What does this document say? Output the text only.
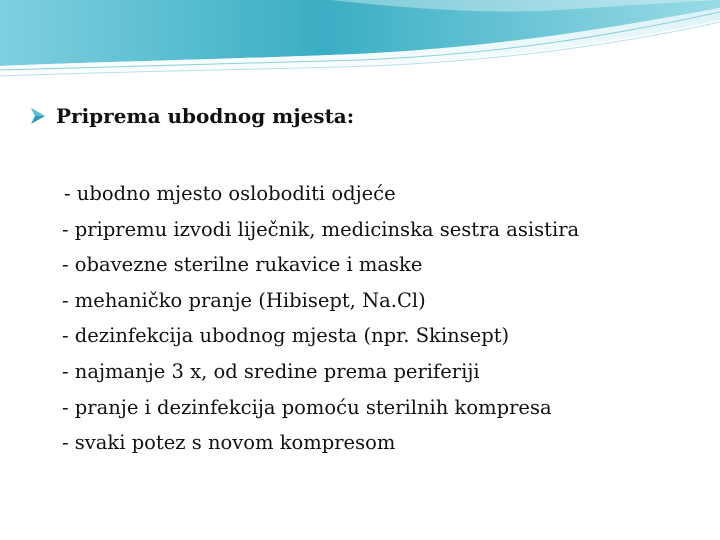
Priprema ubodnog mjesta:
- ubodno mjesto osloboditi odjeće
- pripremu izvodi liječnik, medicinska sestra asistira
- obavezne sterilne rukavice i maske
- mehaničko pranje (Hibisept, Na.Cl)
- dezinfekcija ubodnog mjesta (npr. Skinsept)
- najmanje 3 x, od sredine prema periferiji
- pranje i dezinfekcija pomoću sterilnih kompresa
- svaki potez s novom kompresom
